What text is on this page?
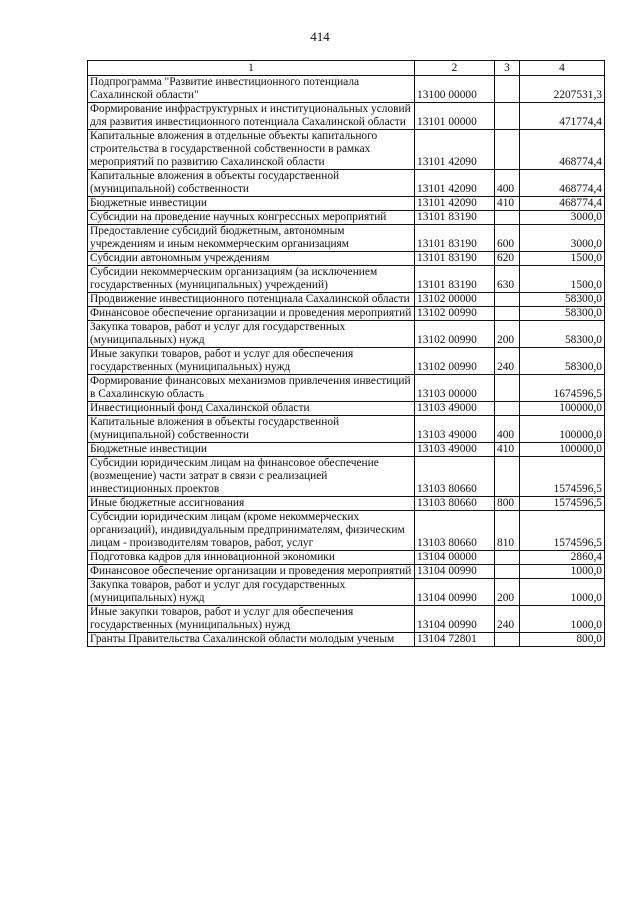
414
1	2	3	4
Подпрограмма "Развитие инвестиционного потенциала Сахалинской области"	13100 00000		2207531,3
Формирование инфраструктурных и институциональных условий для развития инвестиционного потенциала Сахалинской области	13101 00000		471774,4
Капитальные вложения в отдельные объекты капитального строительства в государственной собственности в рамках мероприятий по развитию Сахалинской области	13101 42090		468774,4
Капитальные вложения в объекты государственной (муниципальной) собственности	13101 42090	400	468774,4
Бюджетные инвестиции	13101 42090	410	468774,4
Субсидии на проведение научных конгрессных мероприятий	13101 83190		3000,0
Предоставление субсидий бюджетным, автономным учреждениям и иным некоммерческим организациям	13101 83190	600	3000,0
Субсидии автономным учреждениям	13101 83190	620	1500,0
Субсидии некоммерческим организациям (за исключением государственных (муниципальных) учреждений)	13101 83190	630	1500,0
Продвижение инвестиционного потенциала Сахалинской области	13102 00000		58300,0
Финансовое обеспечение организации и проведения мероприятий	13102 00990		58300,0
Закупка товаров, работ и услуг для государственных (муниципальных) нужд	13102 00990	200	58300,0
Иные закупки товаров, работ и услуг для обеспечения государственных (муниципальных) нужд	13102 00990	240	58300,0
Формирование финансовых механизмов привлечения инвестиций в Сахалинскую область	13103 00000		1674596,5
Инвестиционный фонд Сахалинской области	13103 49000		100000,0
Капитальные вложения в объекты государственной (муниципальной) собственности	13103 49000	400	100000,0
Бюджетные инвестиции	13103 49000	410	100000,0
Субсидии юридическим лицам на финансовое обеспечение (возмещение) части затрат в связи с реализацией инвестиционных проектов	13103 80660		1574596,5
Иные бюджетные ассигнования	13103 80660	800	1574596,5
Субсидии юридическим лицам (кроме некоммерческих организаций), индивидуальным предпринимателям, физическим лицам - производителям товаров, работ, услуг	13103 80660	810	1574596,5
Подготовка кадров для инновационной экономики	13104 00000		2860,4
Финансовое обеспечение организации и проведения мероприятий	13104 00990		1000,0
Закупка товаров, работ и услуг для государственных (муниципальных) нужд	13104 00990	200	1000,0
Иные закупки товаров, работ и услуг для обеспечения государственных (муниципальных) нужд	13104 00990	240	1000,0
Гранты Правительства Сахалинской области молодым ученым	13104 72801		800,0
